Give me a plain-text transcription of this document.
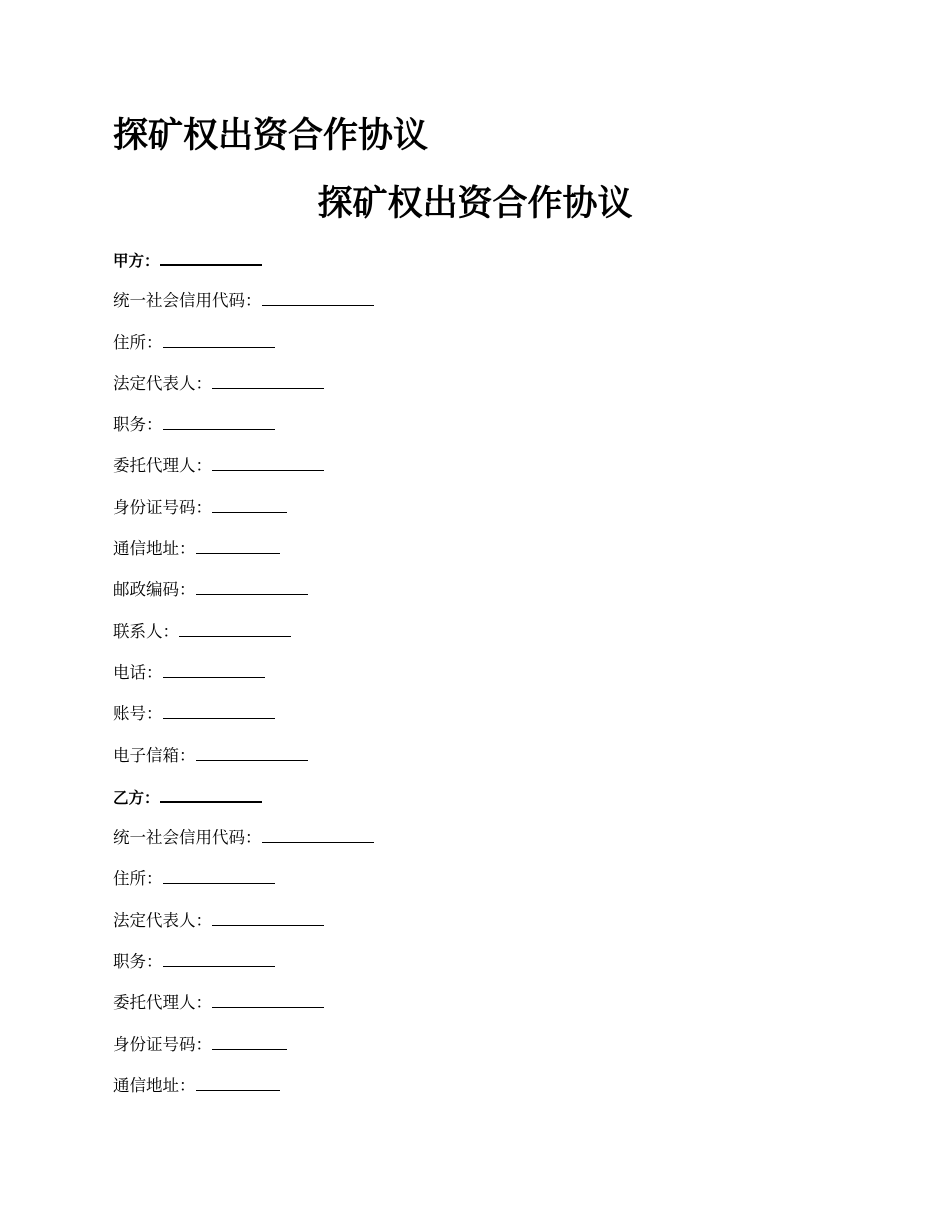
探矿权出资合作协议
探矿权出资合作协议
甲方：
统一社会信用代码：
住所：
法定代表人：
职务：
委托代理人：
身份证号码：
通信地址：
邮政编码：
联系人：
电话：
账号：
电子信箱：
乙方：
统一社会信用代码：
住所：
法定代表人：
职务：
委托代理人：
身份证号码：
通信地址：
